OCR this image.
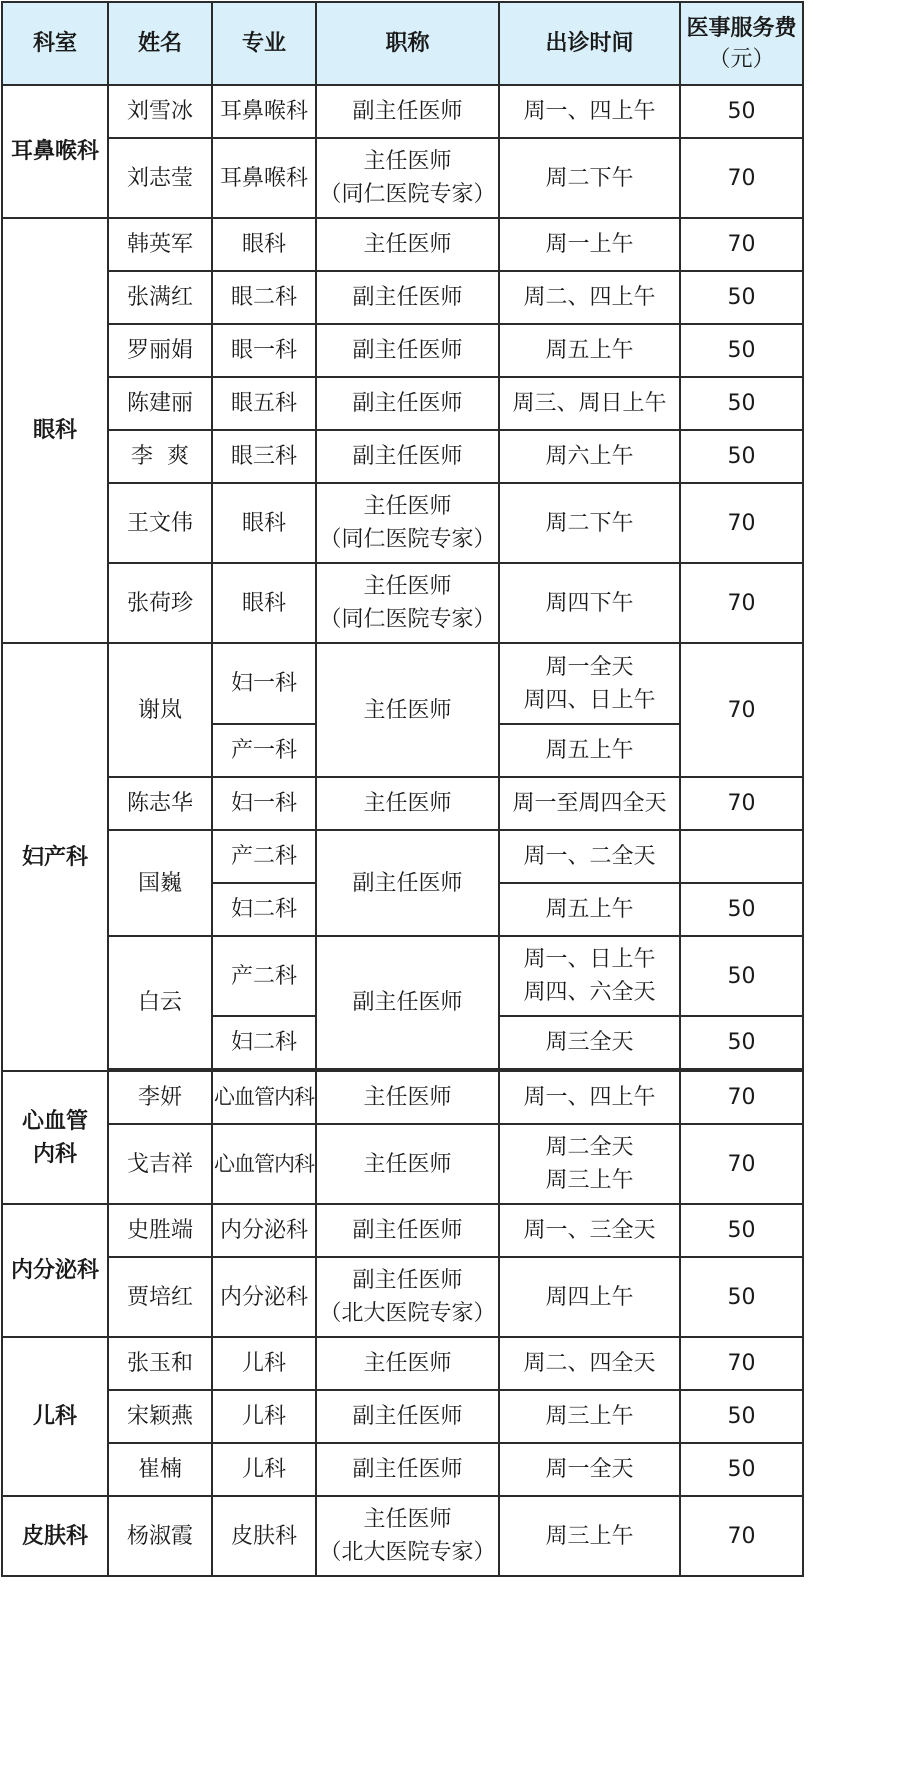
科室	姓名	专业	职称	出诊时间	医事服务费
（元）

耳鼻喉科	刘雪冰	耳鼻喉科	副主任医师	周一、四上午	50
	刘志莹	耳鼻喉科	主任医师
（同仁医院专家）	周二下午	70
眼科	韩英军	眼科	主任医师	周一上午	70
	张满红	眼二科	副主任医师	周二、四上午	50
	罗丽娟	眼一科	副主任医师	周五上午	50
	陈建丽	眼五科	副主任医师	周三、周日上午	50
	李  爽	眼三科	副主任医师	周六上午	50
	王文伟	眼科	主任医师
（同仁医院专家）	周二下午	70
	张荷珍	眼科	主任医师
（同仁医院专家）	周四下午	70
妇产科	谢岚	妇一科	主任医师	周一全天
周四、日上午	70
		产一科		周五上午	
	陈志华	妇一科	主任医师	周一至周四全天	70
	国巍	产二科	副主任医师	周一、二全天	
		妇二科		周五上午	50
	白云	产二科	副主任医师	周一、日上午
周四、六全天	50
		妇二科		周三全天	50

心血管
内科	李妍	心血管内科	主任医师	周一、四上午	70
	戈吉祥	心血管内科	主任医师	周二全天
周三上午	70
内分泌科	史胜端	内分泌科	副主任医师	周一、三全天	50
	贾培红	内分泌科	副主任医师
（北大医院专家）	周四上午	50
儿科	张玉和	儿科	主任医师	周二、四全天	70
	宋颖燕	儿科	副主任医师	周三上午	50
	崔楠	儿科	副主任医师	周一全天	50
皮肤科	杨淑霞	皮肤科	主任医师
（北大医院专家）	周三上午	70
